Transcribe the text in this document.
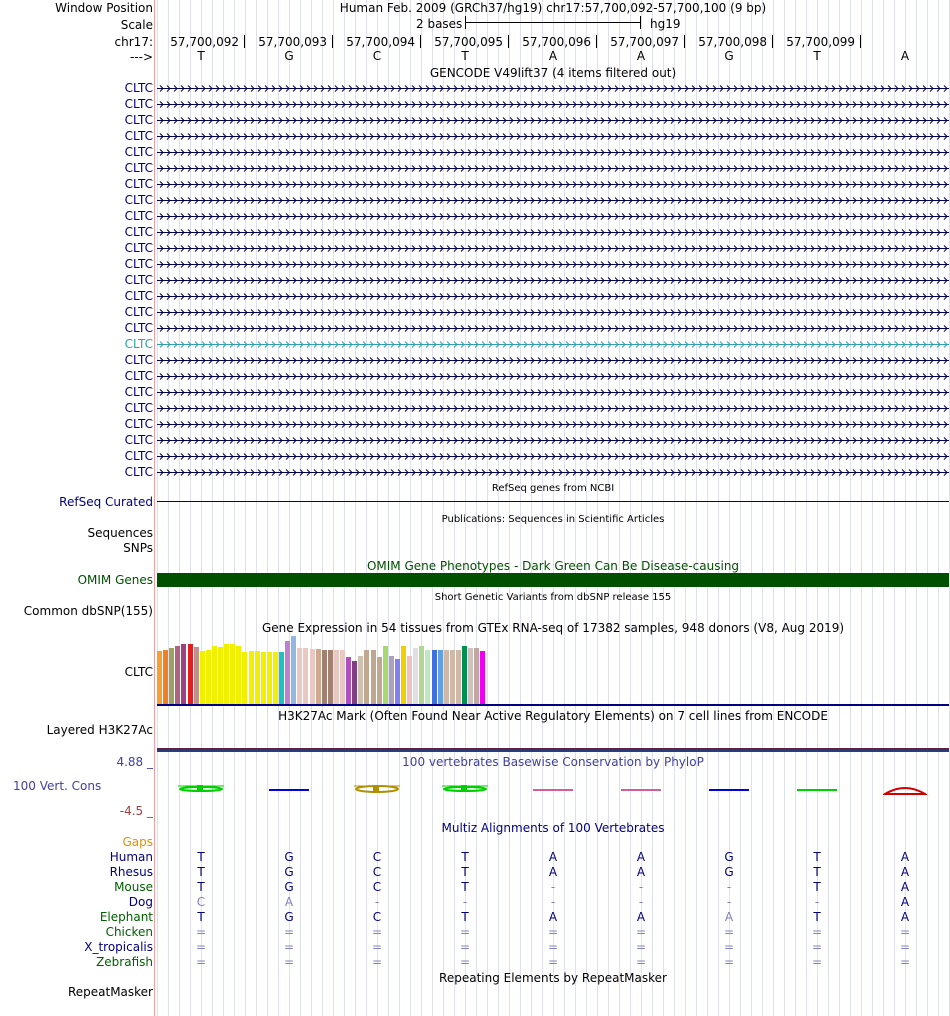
Window Position	Human Feb. 2009 (GRCh37/hg19) chr17:57,700,092-57,700,100 (9 bp)
Scale	2 bases	hg19
chr17:	57,700,092	57,700,093	57,700,094	57,700,095	57,700,096	57,700,097	57,700,098	57,700,099
--->	T	G	C	T	A	A	G	T	A
GENCODE V49lift37 (4 items filtered out)
CLTC
CLTC
CLTC
CLTC
CLTC
CLTC
CLTC
CLTC
CLTC
CLTC
CLTC
CLTC
CLTC
CLTC
CLTC
CLTC
CLTC
CLTC
CLTC
CLTC
CLTC
CLTC
CLTC
CLTC
CLTC
RefSeq genes from NCBI
RefSeq Curated
Publications: Sequences in Scientific Articles
Sequences
SNPs
OMIM Gene Phenotypes - Dark Green Can Be Disease-causing
OMIM Genes
Short Genetic Variants from dbSNP release 155
Common dbSNP(155)
Gene Expression in 54 tissues from GTEx RNA-seq of 17382 samples, 948 donors (V8, Aug 2019)
CLTC
H3K27Ac Mark (Often Found Near Active Regulatory Elements) on 7 cell lines from ENCODE
Layered H3K27Ac
100 vertebrates Basewise Conservation by PhyloP
4.88 _
100 Vert. Cons
-4.5 _
Multiz Alignments of 100 Vertebrates
Gaps
Human	T	G	C	T	A	A	G	T	A
Rhesus	T	G	C	T	A	A	G	T	A
Mouse	T	G	C	T	-	-	-	T	A
Dog	C	A	-	-	-	-	-	-	A
Elephant	T	G	C	T	A	A	A	T	A
Chicken	=	=	=	=	=	=	=	=	=
X_tropicalis	=	=	=	=	=	=	=	=	=
Zebrafish	=	=	=	=	=	=	=	=	=
Repeating Elements by RepeatMasker
RepeatMasker
